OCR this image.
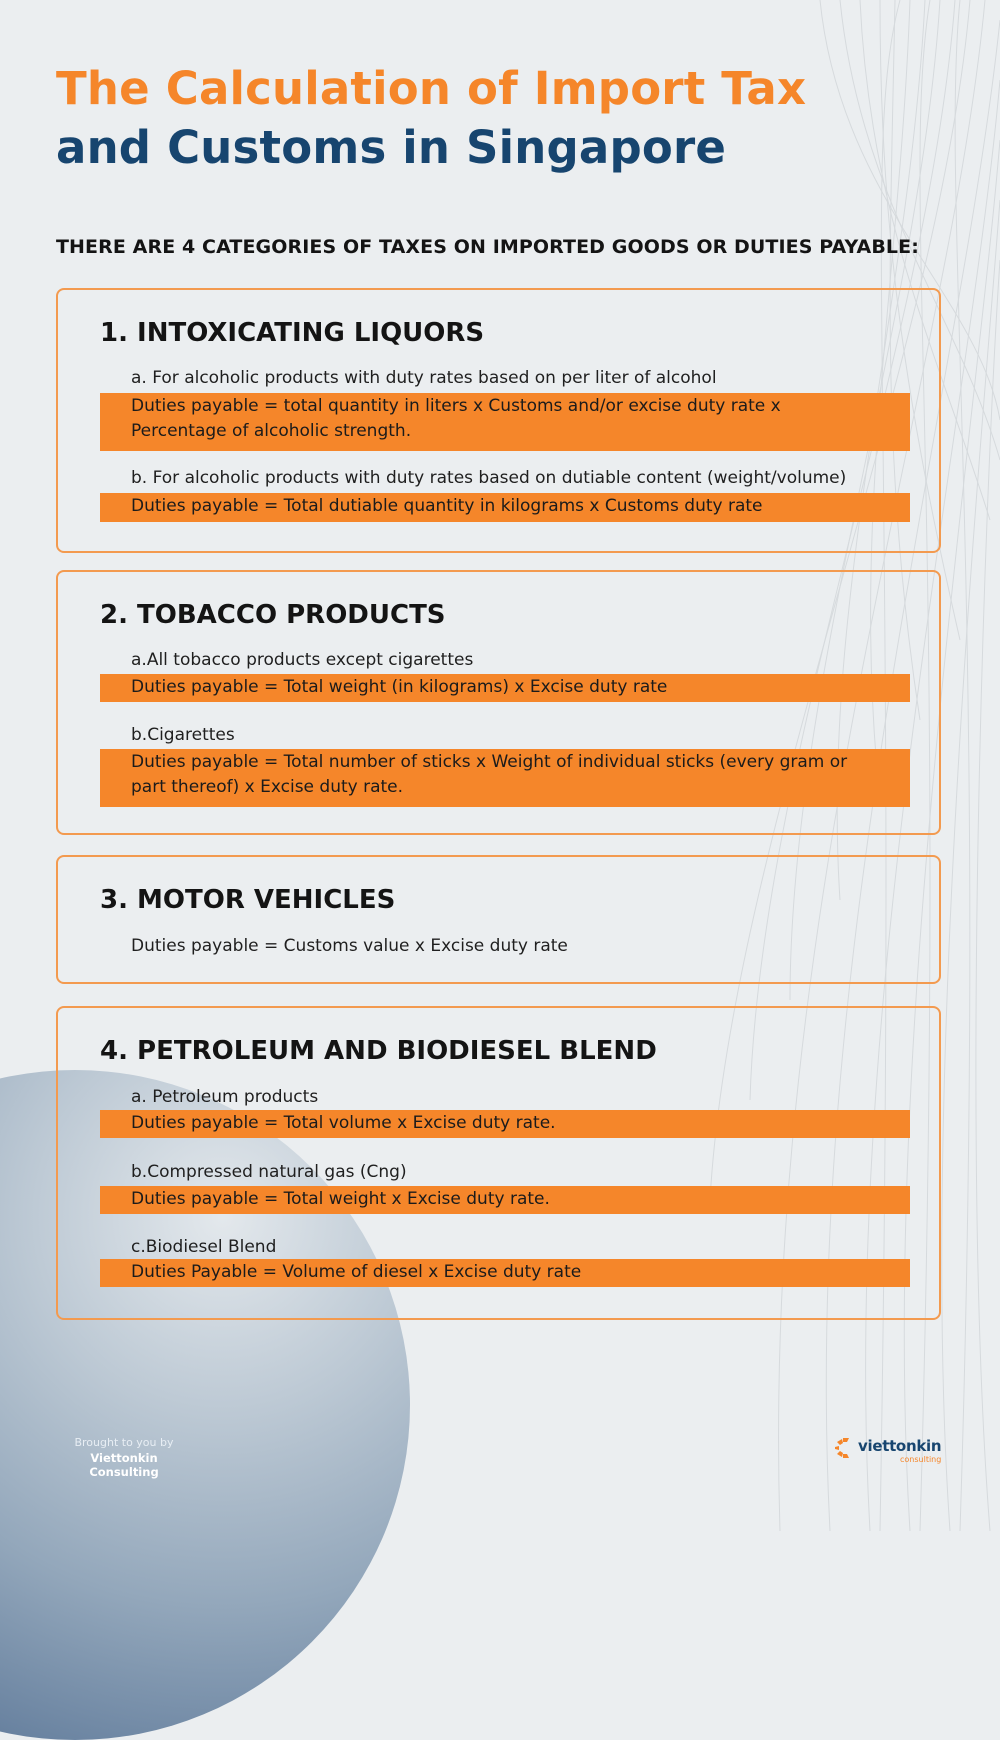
The Calculation of Import Tax
and Customs in Singapore
THERE ARE 4 CATEGORIES OF TAXES ON IMPORTED GOODS OR DUTIES PAYABLE:
1. INTOXICATING LIQUORS
a. For alcoholic products with duty rates based on per liter of alcohol
Duties payable = total quantity in liters x Customs and/or excise duty rate x
Percentage of alcoholic strength.
b. For alcoholic products with duty rates based on dutiable content (weight/volume)
Duties payable = Total dutiable quantity in kilograms x Customs duty rate
2. TOBACCO PRODUCTS
a.All tobacco products except cigarettes
Duties payable = Total weight (in kilograms) x Excise duty rate
b.Cigarettes
Duties payable = Total number of sticks x Weight of individual sticks (every gram or
part thereof) x Excise duty rate.
3. MOTOR VEHICLES
Duties payable = Customs value x Excise duty rate
4. PETROLEUM AND BIODIESEL BLEND
a. Petroleum products
Duties payable = Total volume x Excise duty rate.
b.Compressed natural gas (Cng)
Duties payable = Total weight x Excise duty rate.
c.Biodiesel Blend
Duties Payable = Volume of diesel x Excise duty rate
Brought to you by
Viettonkin Consulting
viettonkin
consulting
